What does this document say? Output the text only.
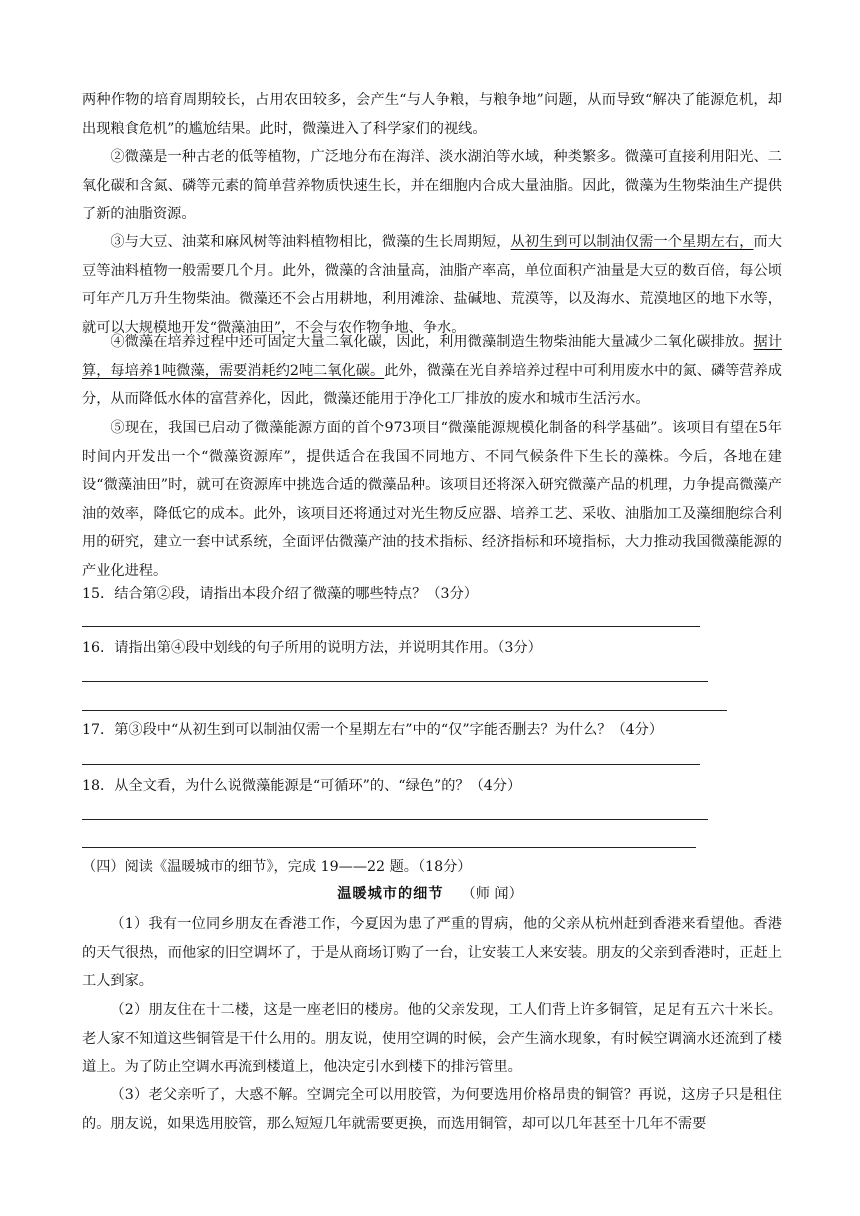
两种作物的培育周期较长，占用农田较多，会产生“与人争粮，与粮争地”问题，从而导致“解决了能源危机，却出现粮食危机”的尴尬结果。此时，微藻进入了科学家们的视线。

②微藻是一种古老的低等植物，广泛地分布在海洋、淡水湖泊等水域，种类繁多。微藻可直接利用阳光、二氧化碳和含氮、磷等元素的简单营养物质快速生长，并在细胞内合成大量油脂。因此，微藻为生物柴油生产提供了新的油脂资源。

③与大豆、油菜和麻风树等油料植物相比，微藻的生长周期短，从初生到可以制油仅需一个星期左右，而大豆等油料植物一般需要几个月。此外，微藻的含油量高，油脂产率高，单位面积产油量是大豆的数百倍，每公顷可年产几万升生物柴油。微藻还不会占用耕地，利用滩涂、盐碱地、荒漠等，以及海水、荒漠地区的地下水等，就可以大规模地开发“微藻油田”，不会与农作物争地、争水。

④微藻在培养过程中还可固定大量二氧化碳，因此，利用微藻制造生物柴油能大量减少二氧化碳排放。据计算，每培养1吨微藻，需要消耗约2吨二氧化碳。此外，微藻在光自养培养过程中可利用废水中的氮、磷等营养成分，从而降低水体的富营养化，因此，微藻还能用于净化工厂排放的废水和城市生活污水。

⑤现在，我国已启动了微藻能源方面的首个973项目“微藻能源规模化制备的科学基础”。该项目有望在5年时间内开发出一个“微藻资源库”，提供适合在我国不同地方、不同气候条件下生长的藻株。今后，各地在建设“微藻油田”时，就可在资源库中挑选合适的微藻品种。该项目还将深入研究微藻产品的机理，力争提高微藻产油的效率，降低它的成本。此外，该项目还将通过对光生物反应器、培养工艺、采收、油脂加工及藻细胞综合利用的研究，建立一套中试系统，全面评估微藻产油的技术指标、经济指标和环境指标，大力推动我国微藻能源的产业化进程。

15．结合第②段，请指出本段介绍了微藻的哪些特点？（3分）

16．请指出第④段中划线的句子所用的说明方法，并说明其作用。（3分）

17．第③段中“从初生到可以制油仅需一个星期左右”中的“仅”字能否删去？为什么？（4分）

18．从全文看，为什么说微藻能源是“可循环”的、“绿色”的？（4分）

（四）阅读《温暖城市的细节》，完成 19——22 题。（18分）

温暖城市的细节 （师 闻）

（1）我有一位同乡朋友在香港工作，今夏因为患了严重的胃病，他的父亲从杭州赶到香港来看望他。香港的天气很热，而他家的旧空调坏了，于是从商场订购了一台，让安装工人来安装。朋友的父亲到香港时，正赶上工人到家。

（2）朋友住在十二楼，这是一座老旧的楼房。他的父亲发现，工人们背上许多铜管，足足有五六十米长。老人家不知道这些铜管是干什么用的。朋友说，使用空调的时候，会产生滴水现象，有时候空调滴水还流到了楼道上。为了防止空调水再流到楼道上，他决定引水到楼下的排污管里。

（3）老父亲听了，大惑不解。空调完全可以用胶管，为何要选用价格昂贵的铜管？再说，这房子只是租住的。朋友说，如果选用胶管，那么短短几年就需要更换，而选用铜管，却可以几年甚至十几年不需要
